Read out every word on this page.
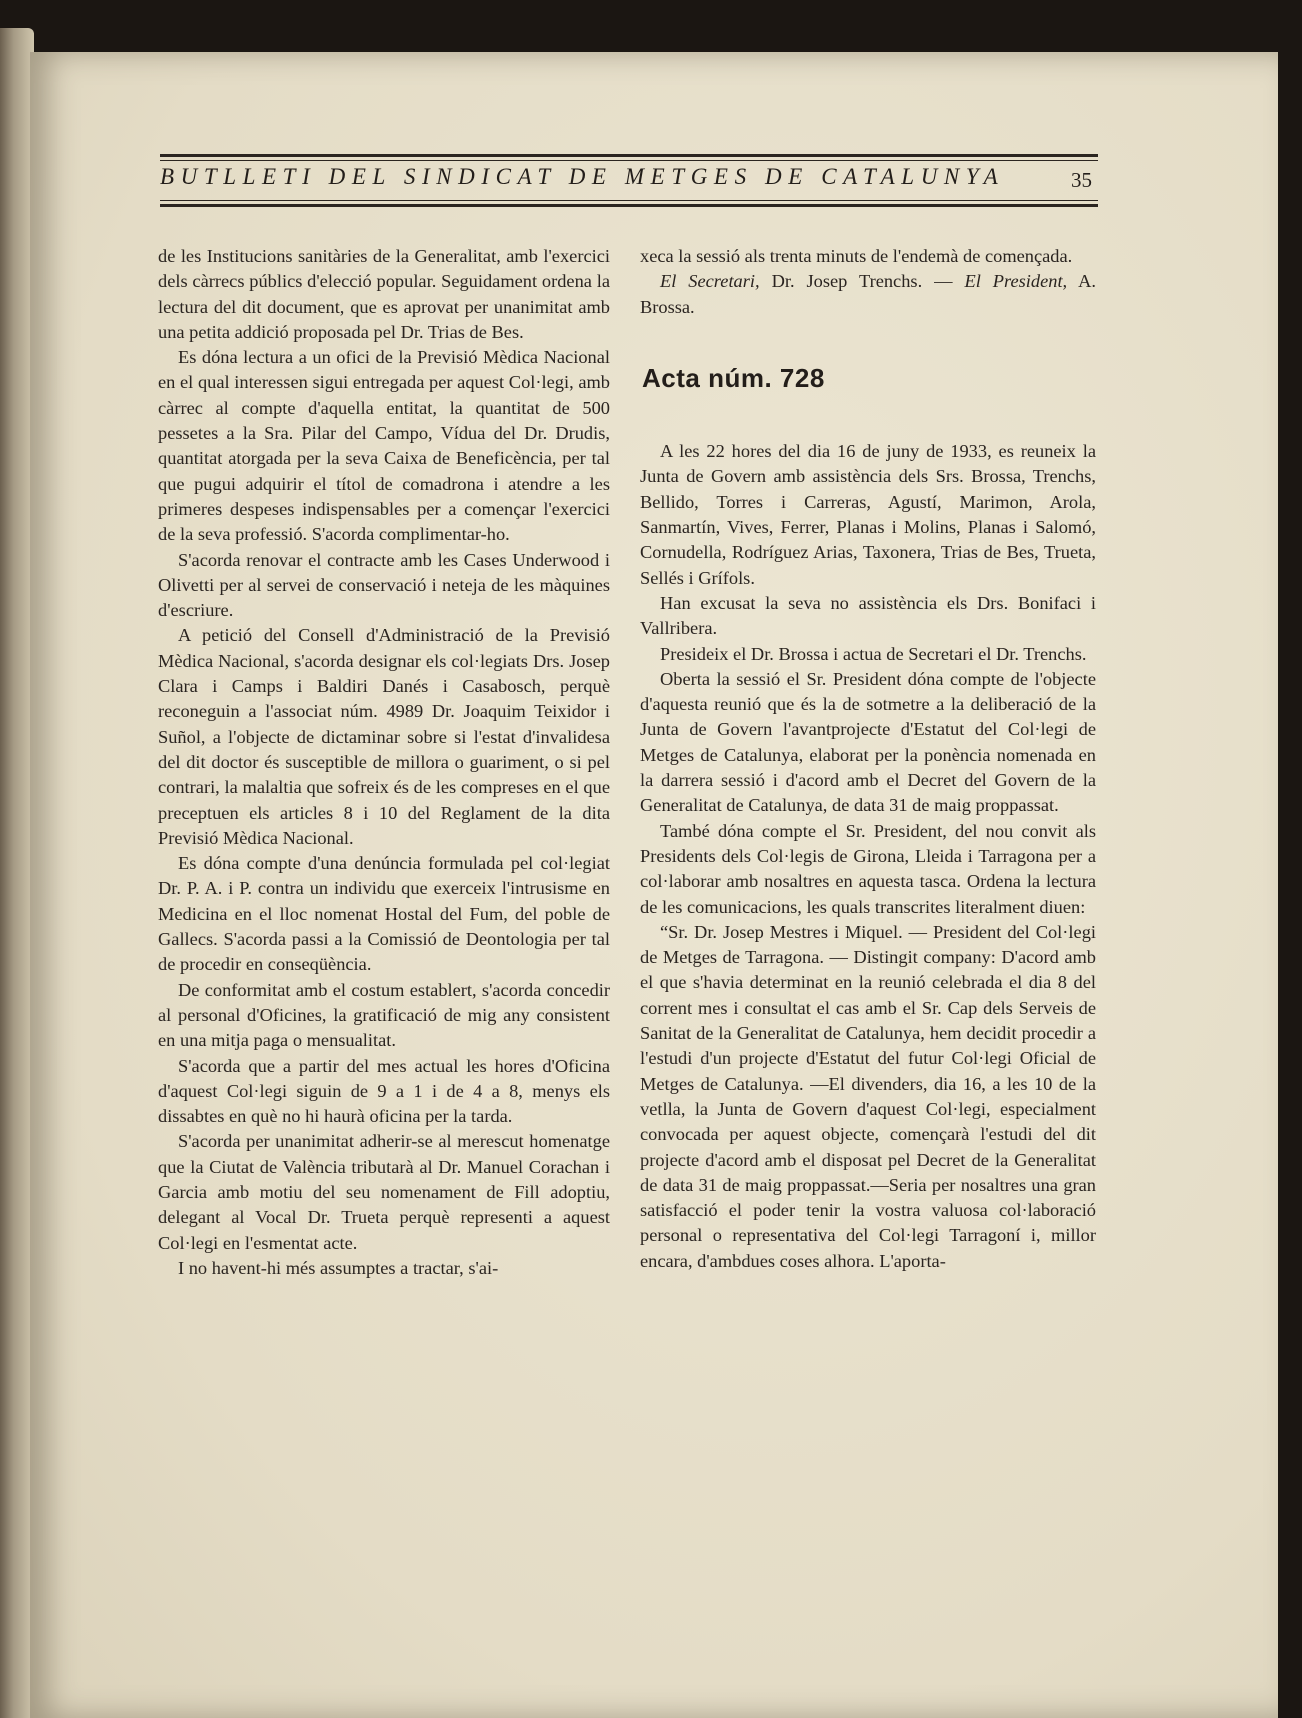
BUTLLETI DEL SINDICAT DE METGES DE CATALUNYA	35

de les Institucions sanitàries de la Generalitat, amb l'exercici dels càrrecs públics d'elecció popular. Seguidament ordena la lectura del dit document, que es aprovat per unanimitat amb una petita addició proposada pel Dr. Trias de Bes.

Es dóna lectura a un ofici de la Previsió Mèdica Nacional en el qual interessen sigui entregada per aquest Col·legi, amb càrrec al compte d'aquella entitat, la quantitat de 500 pessetes a la Sra. Pilar del Campo, Vídua del Dr. Drudis, quantitat atorgada per la seva Caixa de Beneficència, per tal que pugui adquirir el títol de comadrona i atendre a les primeres despeses indispensables per a començar l'exercici de la seva professió. S'acorda complimentar-ho.

S'acorda renovar el contracte amb les Cases Underwood i Olivetti per al servei de conservació i neteja de les màquines d'escriure.

A petició del Consell d'Administració de la Previsió Mèdica Nacional, s'acorda designar els col·legiats Drs. Josep Clara i Camps i Baldiri Danés i Casabosch, perquè reconeguin a l'associat núm. 4989 Dr. Joaquim Teixidor i Suñol, a l'objecte de dictaminar sobre si l'estat d'invalidesa del dit doctor és susceptible de millora o guariment, o si pel contrari, la malaltia que sofreix és de les compreses en el que preceptuen els articles 8 i 10 del Reglament de la dita Previsió Mèdica Nacional.

Es dóna compte d'una denúncia formulada pel col·legiat Dr. P. A. i P. contra un individu que exerceix l'intrusisme en Medicina en el lloc nomenat Hostal del Fum, del poble de Gallecs. S'acorda passi a la Comissió de Deontologia per tal de procedir en conseqüència.

De conformitat amb el costum establert, s'acorda concedir al personal d'Oficines, la gratificació de mig any consistent en una mitja paga o mensualitat.

S'acorda que a partir del mes actual les hores d'Oficina d'aquest Col·legi siguin de 9 a 1 i de 4 a 8, menys els dissabtes en què no hi haurà oficina per la tarda.

S'acorda per unanimitat adherir-se al merescut homenatge que la Ciutat de València tributarà al Dr. Manuel Corachan i Garcia amb motiu del seu nomenament de Fill adoptiu, delegant al Vocal Dr. Trueta perquè representi a aquest Col·legi en l'esmentat acte.

I no havent-hi més assumptes a tractar, s'ai-

xeca la sessió als trenta minuts de l'endemà de començada.

El Secretari, Dr. Josep Trenchs. — El President, A. Brossa.

Acta núm. 728

A les 22 hores del dia 16 de juny de 1933, es reuneix la Junta de Govern amb assistència dels Srs. Brossa, Trenchs, Bellido, Torres i Carreras, Agustí, Marimon, Arola, Sanmartín, Vives, Ferrer, Planas i Molins, Planas i Salomó, Cornudella, Rodríguez Arias, Taxonera, Trias de Bes, Trueta, Sellés i Grífols.

Han excusat la seva no assistència els Drs. Bonifaci i Vallribera.

Presideix el Dr. Brossa i actua de Secretari el Dr. Trenchs.

Oberta la sessió el Sr. President dóna compte de l'objecte d'aquesta reunió que és la de sotmetre a la deliberació de la Junta de Govern l'avantprojecte d'Estatut del Col·legi de Metges de Catalunya, elaborat per la ponència nomenada en la darrera sessió i d'acord amb el Decret del Govern de la Generalitat de Catalunya, de data 31 de maig proppassat.

També dóna compte el Sr. President, del nou convit als Presidents dels Col·legis de Girona, Lleida i Tarragona per a col·laborar amb nosaltres en aquesta tasca. Ordena la lectura de les comunicacions, les quals transcrites literalment diuen:

“Sr. Dr. Josep Mestres i Miquel. — President del Col·legi de Metges de Tarragona. — Distingit company: D'acord amb el que s'havia determinat en la reunió celebrada el dia 8 del corrent mes i consultat el cas amb el Sr. Cap dels Serveis de Sanitat de la Generalitat de Catalunya, hem decidit procedir a l'estudi d'un projecte d'Estatut del futur Col·legi Oficial de Metges de Catalunya. —El divenders, dia 16, a les 10 de la vetlla, la Junta de Govern d'aquest Col·legi, especialment convocada per aquest objecte, començarà l'estudi del dit projecte d'acord amb el disposat pel Decret de la Generalitat de data 31 de maig proppassat.—Seria per nosaltres una gran satisfacció el poder tenir la vostra valuosa col·laboració personal o representativa del Col·legi Tarragoní i, millor encara, d'ambdues coses alhora. L'aporta-
